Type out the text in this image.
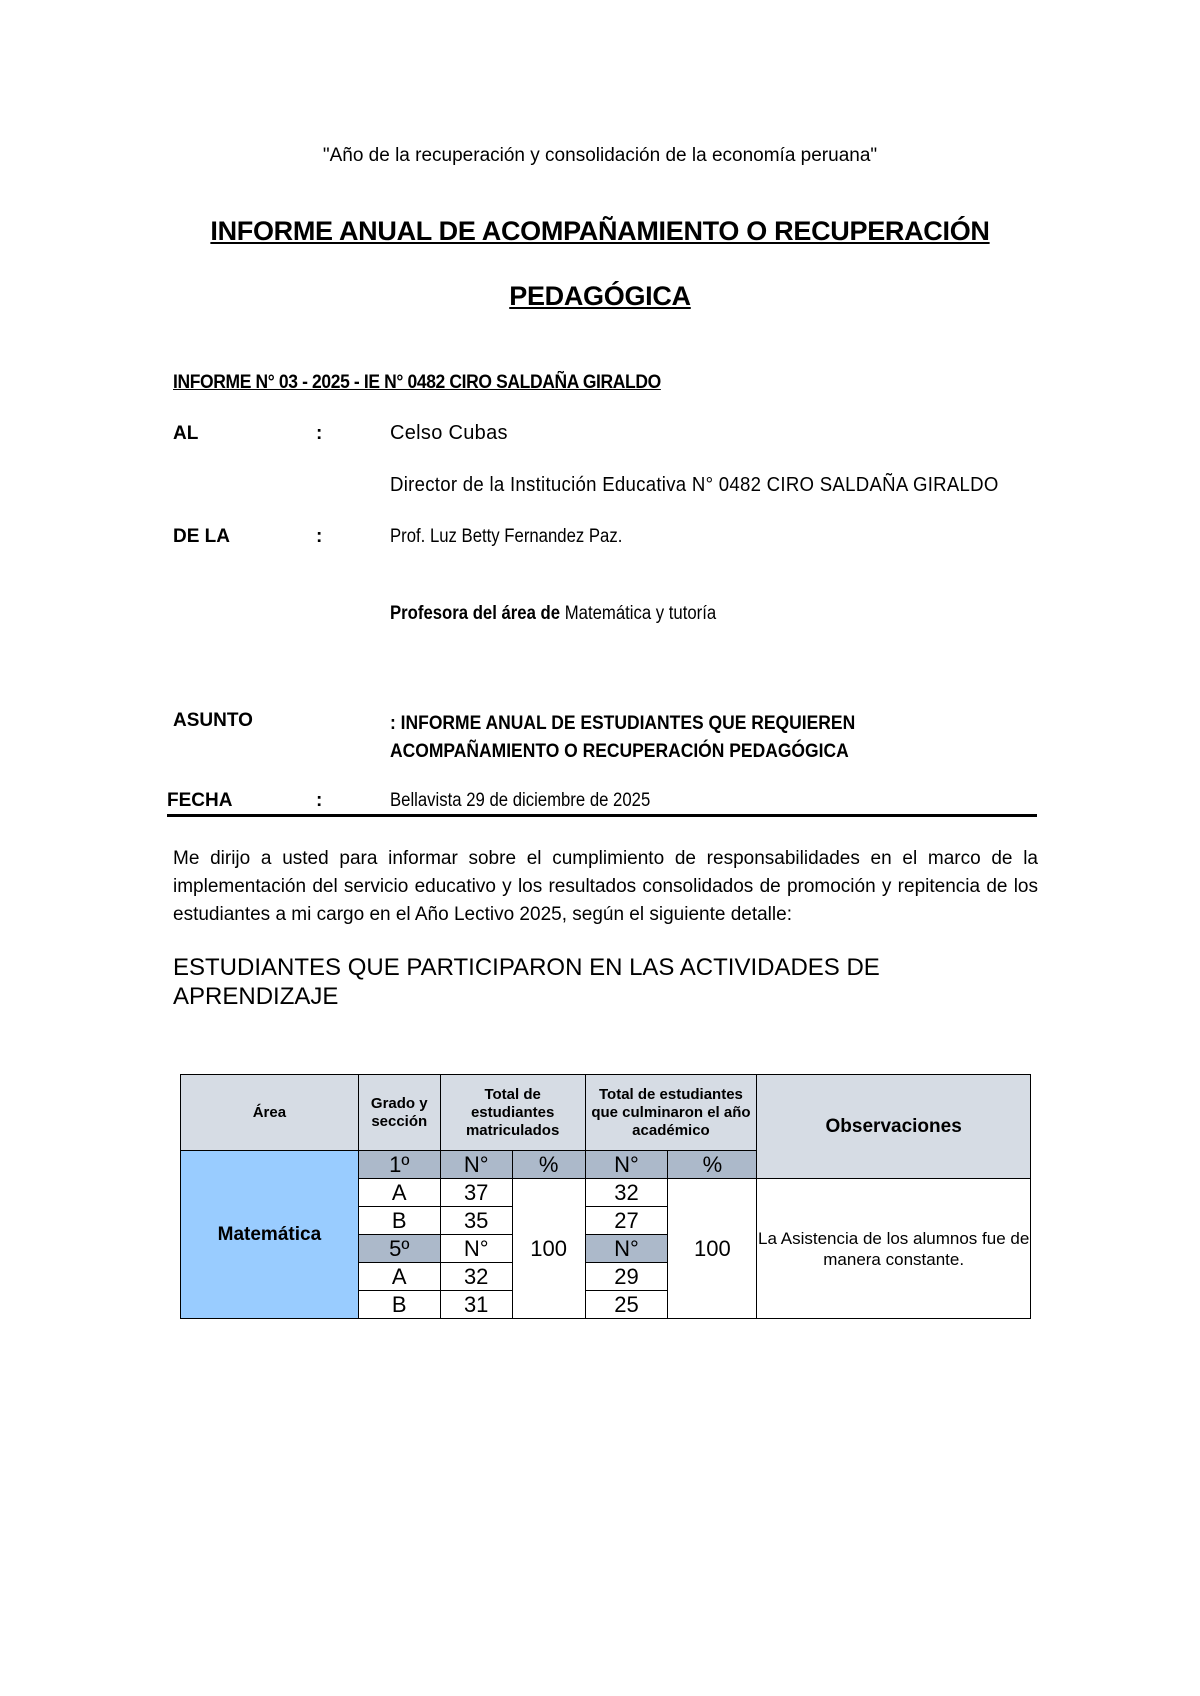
"Año de la recuperación y consolidación de la economía peruana"
INFORME ANUAL DE ACOMPAÑAMIENTO O RECUPERACIÓN
PEDAGÓGICA
INFORME N° 03 - 2025 - IE N° 0482 CIRO SALDAÑA GIRALDO
AL	:	Celso Cubas
Director de la Institución Educativa N° 0482 CIRO SALDAÑA GIRALDO
DE LA	:	Prof. Luz Betty Fernandez Paz.
Profesora del área de Matemática y tutoría
ASUNTO	: INFORME ANUAL DE ESTUDIANTES QUE REQUIEREN
ACOMPAÑAMIENTO O RECUPERACIÓN PEDAGÓGICA
FECHA	:	Bellavista 29 de diciembre de 2025
Me dirijo a usted para informar sobre el cumplimiento de responsabilidades en el marco de la implementación del servicio educativo y los resultados consolidados de promoción y repitencia de los estudiantes a mi cargo en el Año Lectivo 2025, según el siguiente detalle:
ESTUDIANTES QUE PARTICIPARON EN LAS ACTIVIDADES DE APRENDIZAJE
Área	Grado y sección	Total de estudiantes matriculados		Total de estudiantes que culminaron el año académico		Observaciones
Matemática	1º	N°	%	N°	%	
	A	37	100	32	100	La Asistencia de los alumnos fue de manera constante.
	B	35		27		
	5º	N°		N°		
	A	32		29		
	B	31		25		
